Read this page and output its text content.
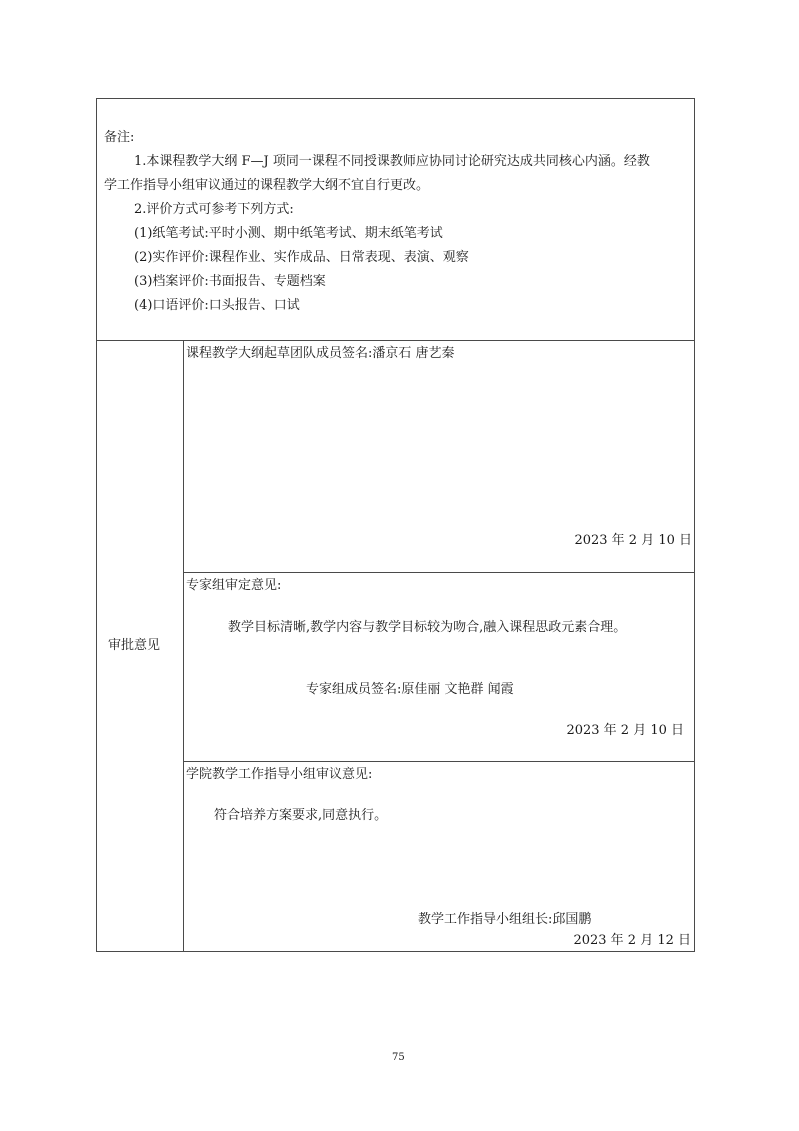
备注:
1.本课程教学大纲 F—J 项同一课程不同授课教师应协同讨论研究达成共同核心内涵。经教
学工作指导小组审议通过的课程教学大纲不宜自行更改。
2.评价方式可参考下列方式:
(1)纸笔考试:平时小测、期中纸笔考试、期末纸笔考试
(2)实作评价:课程作业、实作成品、日常表现、表演、观察
(3)档案评价:书面报告、专题档案
(4)口语评价:口头报告、口试
审批意见
课程教学大纲起草团队成员签名:潘京石 唐艺秦
2023 年 2 月 10 日
专家组审定意见:
教学目标清晰,教学内容与教学目标较为吻合,融入课程思政元素合理。
专家组成员签名:原佳丽 文艳群 闻霞
2023 年 2 月 10 日
学院教学工作指导小组审议意见:
符合培养方案要求,同意执行。
教学工作指导小组组长:邱国鹏
2023 年 2 月 12 日
75
